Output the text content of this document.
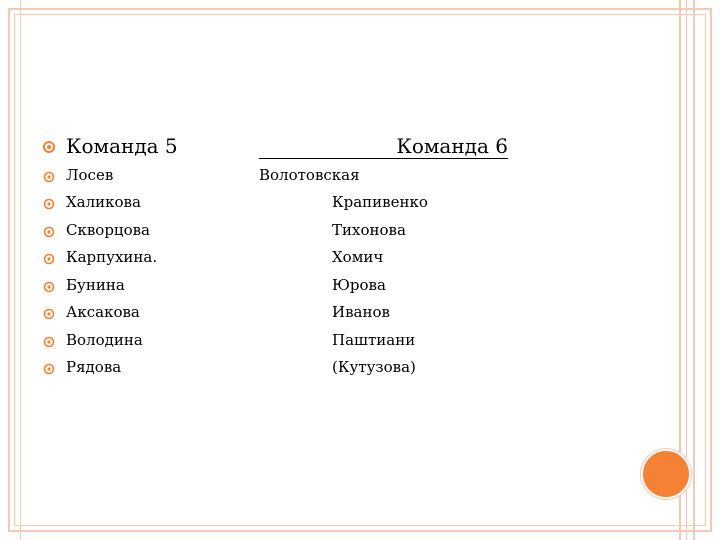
Команда 5	Команда 6
Лосев
Халикова
Скворцова
Карпухина.
Бунина
Аксакова
Володина
Рядова
Волотовская
Крапивенко
Тихонова
Хомич
Юрова
Иванов
Паштиани
(Кутузова)
